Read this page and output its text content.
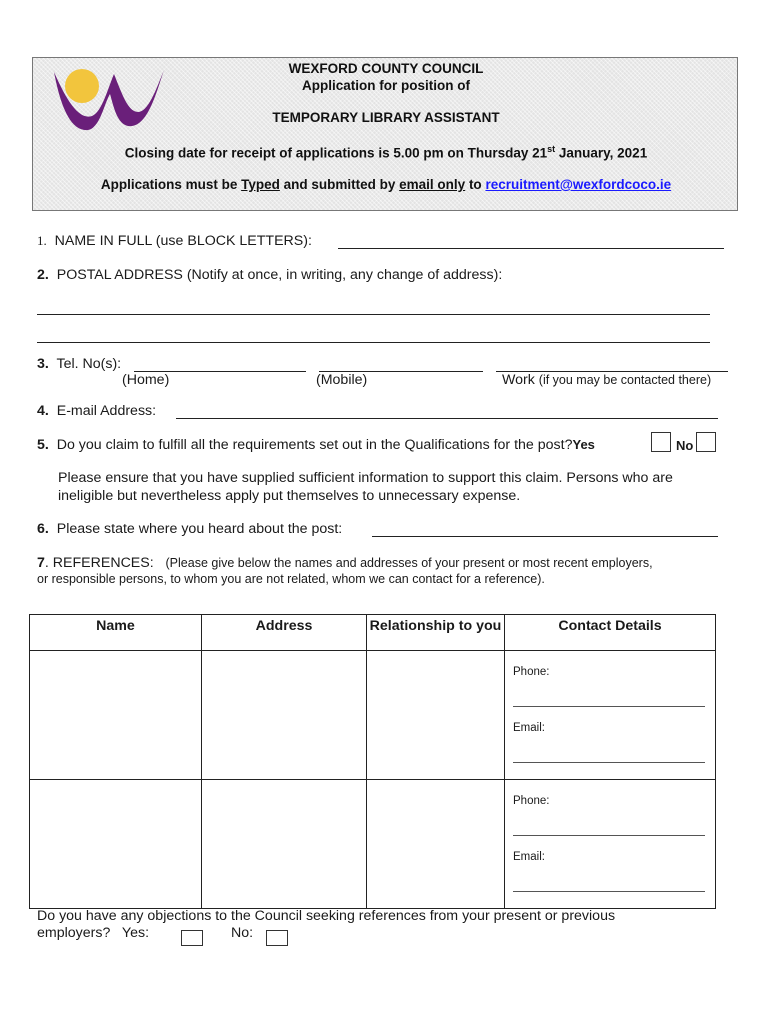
WEXFORD COUNTY COUNCIL
Application for position of
TEMPORARY LIBRARY ASSISTANT
Closing date for receipt of applications is 5.00 pm on Thursday 21st January, 2021
Applications must be Typed and submitted by email only to recruitment@wexfordcoco.ie
1. NAME IN FULL (use BLOCK LETTERS):
2. POSTAL ADDRESS (Notify at once, in writing, any change of address):
3. Tel. No(s):
(Home)	(Mobile)	Work (if you may be contacted there)
4. E-mail Address:
5. Do you claim to fulfill all the requirements set out in the Qualifications for the post?Yes	No
Please ensure that you have supplied sufficient information to support this claim. Persons who are
ineligible but nevertheless apply put themselves to unnecessary expense.
6. Please state where you heard about the post:
7. REFERENCES: (Please give below the names and addresses of your present or most recent employers,
or responsible persons, to whom you are not related, whom we can contact for a reference).
Name	Address	Relationship to you	Contact Details

			Phone:
Email:

			Phone:
Email:
Do you have any objections to the Council seeking references from your present or previous
employers? Yes:	No:
